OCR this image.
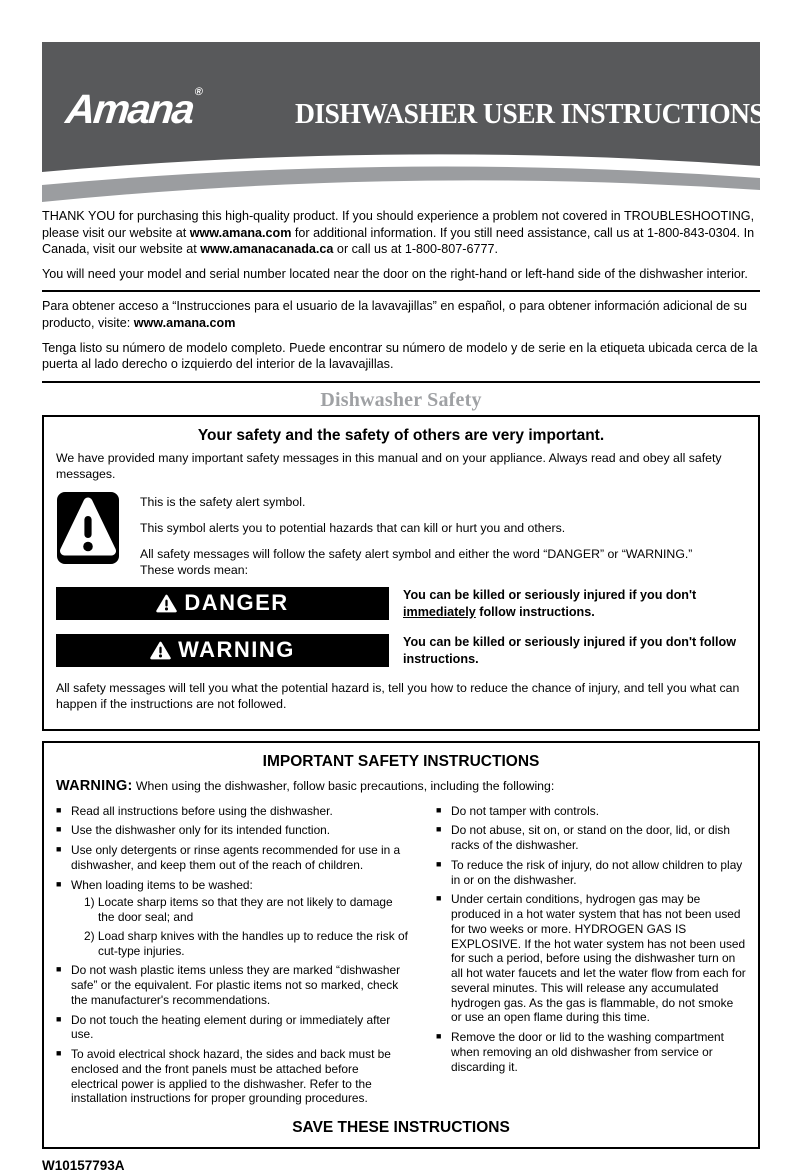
Amana®
DISHWASHER USER INSTRUCTIONS

THANK YOU for purchasing this high-quality product. If you should experience a problem not covered in TROUBLESHOOTING, please visit our website at www.amana.com for additional information. If you still need assistance, call us at 1-800-843-0304. In Canada, visit our website at www.amanacanada.ca or call us at 1-800-807-6777.

You will need your model and serial number located near the door on the right-hand or left-hand side of the dishwasher interior.

Para obtener acceso a “Instrucciones para el usuario de la lavavajillas” en español, o para obtener información adicional de su producto, visite: www.amana.com

Tenga listo su número de modelo completo. Puede encontrar su número de modelo y de serie en la etiqueta ubicada cerca de la puerta al lado derecho o izquierdo del interior de la lavavajillas.

Dishwasher Safety
Your safety and the safety of others are very important.

We have provided many important safety messages in this manual and on your appliance. Always read and obey all safety messages.

This is the safety alert symbol.

This symbol alerts you to potential hazards that can kill or hurt you and others.

All safety messages will follow the safety alert symbol and either the word “DANGER” or “WARNING.”
These words mean:

DANGER	You can be killed or seriously injured if you don't immediately follow instructions.
WARNING	You can be killed or seriously injured if you don't follow instructions.

All safety messages will tell you what the potential hazard is, tell you how to reduce the chance of injury, and tell you what can happen if the instructions are not followed.

IMPORTANT SAFETY INSTRUCTIONS

WARNING: When using the dishwasher, follow basic precautions, including the following:

■ Read all instructions before using the dishwasher.
■ Use the dishwasher only for its intended function.
■ Use only detergents or rinse agents recommended for use in a dishwasher, and keep them out of the reach of children.
■ When loading items to be washed:
1) Locate sharp items so that they are not likely to damage the door seal; and
2) Load sharp knives with the handles up to reduce the risk of cut-type injuries.
■ Do not wash plastic items unless they are marked “dishwasher safe” or the equivalent. For plastic items not so marked, check the manufacturer's recommendations.
■ Do not touch the heating element during or immediately after use.
■ To avoid electrical shock hazard, the sides and back must be enclosed and the front panels must be attached before electrical power is applied to the dishwasher. Refer to the installation instructions for proper grounding procedures.
■ Do not tamper with controls.
■ Do not abuse, sit on, or stand on the door, lid, or dish racks of the dishwasher.
■ To reduce the risk of injury, do not allow children to play in or on the dishwasher.
■ Under certain conditions, hydrogen gas may be produced in a hot water system that has not been used for two weeks or more. HYDROGEN GAS IS EXPLOSIVE. If the hot water system has not been used for such a period, before using the dishwasher turn on all hot water faucets and let the water flow from each for several minutes. This will release any accumulated hydrogen gas. As the gas is flammable, do not smoke or use an open flame during this time.
■ Remove the door or lid to the washing compartment when removing an old dishwasher from service or discarding it.
SAVE THESE INSTRUCTIONS
W10157793A
